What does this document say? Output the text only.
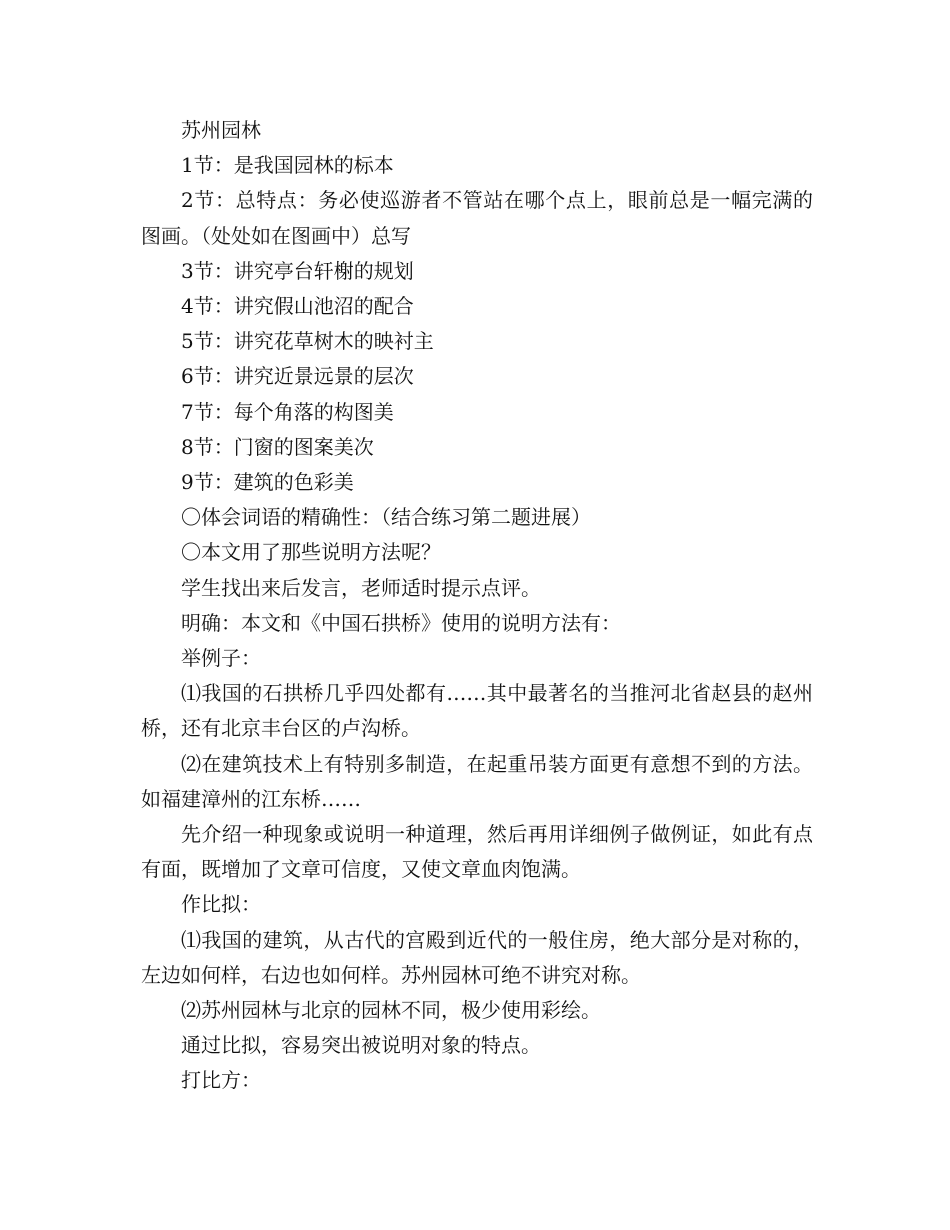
苏州园林

1节：是我国园林的标本

2节：总特点：务必使巡游者不管站在哪个点上，眼前总是一幅完满的图画。（处处如在图画中）总写

3节：讲究亭台轩榭的规划

4节：讲究假山池沼的配合

5节：讲究花草树木的映衬主

6节：讲究近景远景的层次

7节：每个角落的构图美

8节：门窗的图案美次

9节：建筑的色彩美

〇体会词语的精确性：（结合练习第二题进展）

〇本文用了那些说明方法呢？

学生找出来后发言，老师适时提示点评。

明确：本文和《中国石拱桥》使用的说明方法有：

举例子：

⑴我国的石拱桥几乎四处都有……其中最著名的当推河北省赵县的赵州桥，还有北京丰台区的卢沟桥。

⑵在建筑技术上有特别多制造，在起重吊装方面更有意想不到的方法。如福建漳州的江东桥……

先介绍一种现象或说明一种道理，然后再用详细例子做例证，如此有点有面，既增加了文章可信度，又使文章血肉饱满。

作比拟：

⑴我国的建筑，从古代的宫殿到近代的一般住房，绝大部分是对称的，左边如何样，右边也如何样。苏州园林可绝不讲究对称。

⑵苏州园林与北京的园林不同，极少使用彩绘。

通过比拟，容易突出被说明对象的特点。

打比方：
